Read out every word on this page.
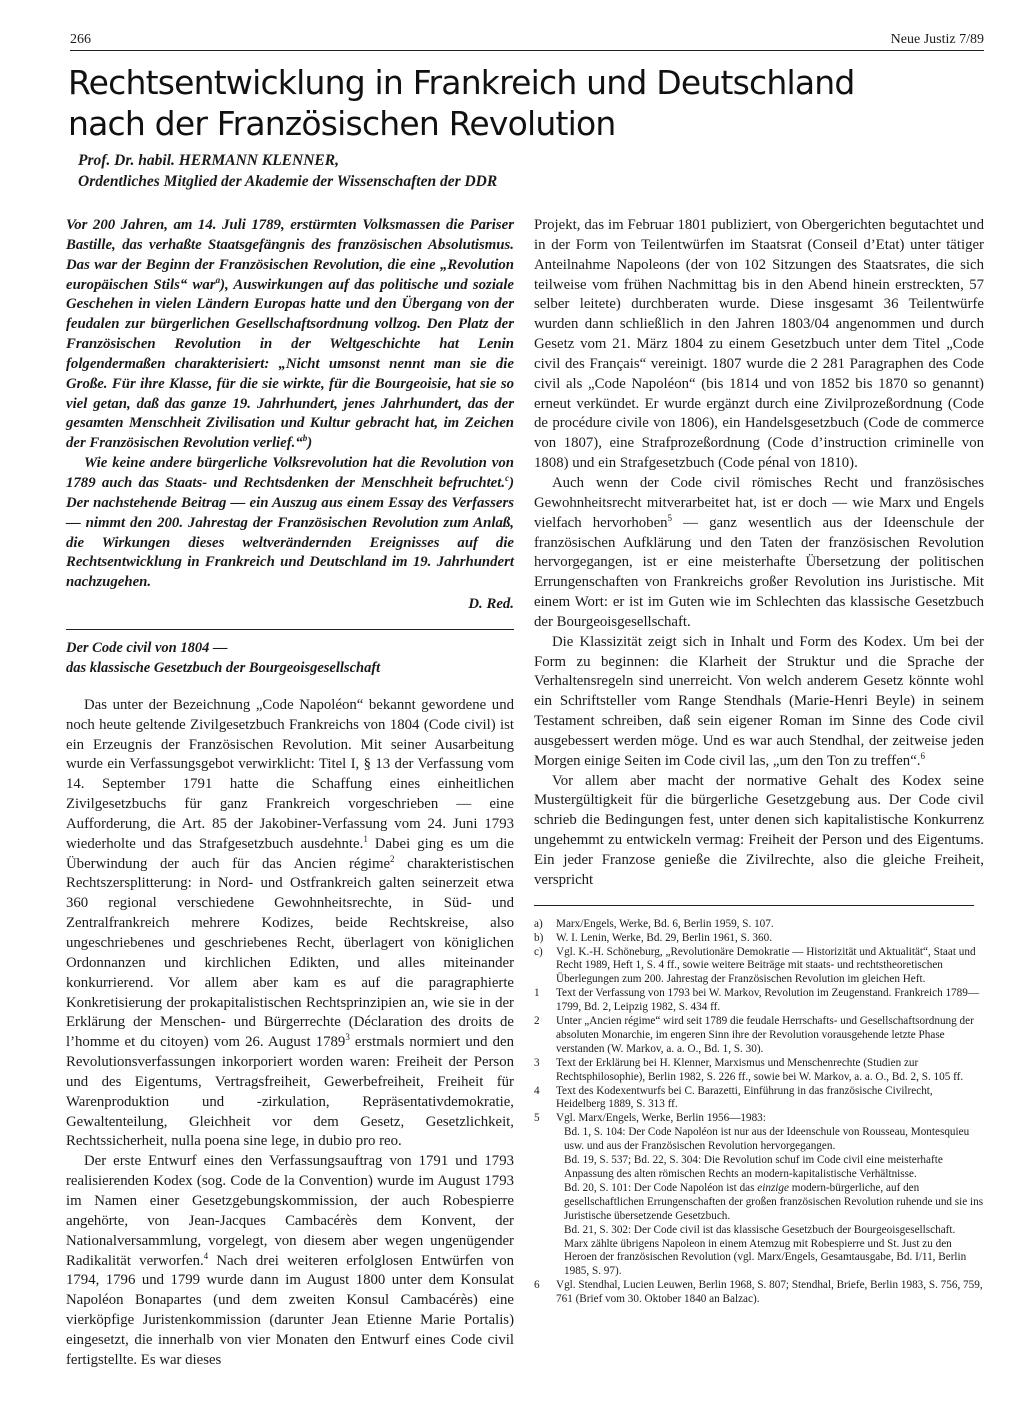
266	Neue Justiz 7/89
Rechtsentwicklung in Frankreich und Deutschland
nach der Französischen Revolution
Prof. Dr. habil. HERMANN KLENNER,
Ordentliches Mitglied der Akademie der Wissenschaften der DDR

Vor 200 Jahren, am 14. Juli 1789, erstürmten Volksmassen die Pariser Bastille, das verhaßte Staatsgefängnis des französischen Absolutismus. Das war der Beginn der Französischen Revolution, die eine „Revolution europäischen Stils“ war$^a$), Auswirkungen auf das politische und soziale Geschehen in vielen Ländern Europas hatte und den Übergang von der feudalen zur bürgerlichen Gesellschaftsordnung vollzog. Den Platz der Französischen Revolution in der Weltgeschichte hat Lenin folgendermaßen charakterisiert: „Nicht umsonst nennt man sie die Große. Für ihre Klasse, für die sie wirkte, für die Bourgeoisie, hat sie so viel getan, daß das ganze 19. Jahrhundert, jenes Jahrhundert, das der gesamten Menschheit Zivilisation und Kultur gebracht hat, im Zeichen der Französischen Revolution verlief.“$^b$)

Wie keine andere bürgerliche Volksrevolution hat die Revolution von 1789 auch das Staats- und Rechtsdenken der Menschheit befruchtet.$^c$) Der nachstehende Beitrag — ein Auszug aus einem Essay des Verfassers — nimmt den 200. Jahrestag der Französischen Revolution zum Anlaß, die Wirkungen dieses weltverändernden Ereignisses auf die Rechtsentwicklung in Frankreich und Deutschland im 19. Jahrhundert nachzugehen.

D. Red.
Der Code civil von 1804 —
das klassische Gesetzbuch der Bourgeoisgesellschaft

Das unter der Bezeichnung „Code Napoléon“ bekannt gewordene und noch heute geltende Zivilgesetzbuch Frankreichs von 1804 (Code civil) ist ein Erzeugnis der Französischen Revolution. Mit seiner Ausarbeitung wurde ein Verfassungsgebot verwirklicht: Titel I, § 13 der Verfassung vom 14. September 1791 hatte die Schaffung eines einheitlichen Zivilgesetzbuchs für ganz Frankreich vorgeschrieben — eine Aufforderung, die Art. 85 der Jakobiner-Verfassung vom 24. Juni 1793 wiederholte und das Strafgesetzbuch ausdehnte.$^1$ Dabei ging es um die Überwindung der auch für das Ancien régime$^2$ charakteristischen Rechtszersplitterung: in Nord- und Ostfrankreich galten seinerzeit etwa 360 regional verschiedene Gewohnheitsrechte, in Süd- und Zentralfrankreich mehrere Kodizes, beide Rechtskreise, also ungeschriebenes und geschriebenes Recht, überlagert von königlichen Ordonnanzen und kirchlichen Edikten, und alles miteinander konkurrierend. Vor allem aber kam es auf die paragraphierte Konkretisierung der prokapitalistischen Rechtsprinzipien an, wie sie in der Erklärung der Menschen- und Bürgerrechte (Déclaration des droits de l’homme et du citoyen) vom 26. August 1789$^3$ erstmals normiert und den Revolutionsverfassungen inkorporiert worden waren: Freiheit der Person und des Eigentums, Vertragsfreiheit, Gewerbefreiheit, Freiheit für Warenproduktion und -zirkulation, Repräsentativdemokratie, Gewaltenteilung, Gleichheit vor dem Gesetz, Gesetzlichkeit, Rechtssicherheit, nulla poena sine lege, in dubio pro reo.

Der erste Entwurf eines den Verfassungsauftrag von 1791 und 1793 realisierenden Kodex (sog. Code de la Convention) wurde im August 1793 im Namen einer Gesetzgebungskommission, der auch Robespierre angehörte, von Jean-Jacques Cambacérès dem Konvent, der Nationalversammlung, vorgelegt, von diesem aber wegen ungenügender Radikalität verworfen.$^4$ Nach drei weiteren erfolglosen Entwürfen von 1794, 1796 und 1799 wurde dann im August 1800 unter dem Konsulat Napoléon Bonapartes (und dem zweiten Konsul Cambacérès) eine vierköpfige Juristenkommission (darunter Jean Etienne Marie Portalis) eingesetzt, die innerhalb von vier Monaten den Entwurf eines Code civil fertigstellte. Es war dieses

Projekt, das im Februar 1801 publiziert, von Obergerichten begutachtet und in der Form von Teilentwürfen im Staatsrat (Conseil d’Etat) unter tätiger Anteilnahme Napoleons (der von 102 Sitzungen des Staatsrates, die sich teilweise vom frühen Nachmittag bis in den Abend hinein erstreckten, 57 selber leitete) durchberaten wurde. Diese insgesamt 36 Teilentwürfe wurden dann schließlich in den Jahren 1803/04 angenommen und durch Gesetz vom 21. März 1804 zu einem Gesetzbuch unter dem Titel „Code civil des Français“ vereinigt. 1807 wurde die 2 281 Paragraphen des Code civil als „Code Napoléon“ (bis 1814 und von 1852 bis 1870 so genannt) erneut verkündet. Er wurde ergänzt durch eine Zivilprozeßordnung (Code de procédure civile von 1806), ein Handelsgesetzbuch (Code de commerce von 1807), eine Strafprozeßordnung (Code d’instruction criminelle von 1808) und ein Strafgesetzbuch (Code pénal von 1810).

Auch wenn der Code civil römisches Recht und französisches Gewohnheitsrecht mitverarbeitet hat, ist er doch — wie Marx und Engels vielfach hervorhoben$^5$ — ganz wesentlich aus der Ideenschule der französischen Aufklärung und den Taten der französischen Revolution hervorgegangen, ist er eine meisterhafte Übersetzung der politischen Errungenschaften von Frankreichs großer Revolution ins Juristische. Mit einem Wort: er ist im Guten wie im Schlechten das klassische Gesetzbuch der Bourgeoisgesellschaft.

Die Klassizität zeigt sich in Inhalt und Form des Kodex. Um bei der Form zu beginnen: die Klarheit der Struktur und die Sprache der Verhaltensregeln sind unerreicht. Von welch anderem Gesetz könnte wohl ein Schriftsteller vom Range Stendhals (Marie-Henri Beyle) in seinem Testament schreiben, daß sein eigener Roman im Sinne des Code civil ausgebessert werden möge. Und es war auch Stendhal, der zeitweise jeden Morgen einige Seiten im Code civil las, „um den Ton zu treffen“.$^6$

Vor allem aber macht der normative Gehalt des Kodex seine Mustergültigkeit für die bürgerliche Gesetzgebung aus. Der Code civil schrieb die Bedingungen fest, unter denen sich kapitalistische Konkurrenz ungehemmt zu entwickeln vermag: Freiheit der Person und des Eigentums. Ein jeder Franzose genieße die Zivilrechte, also die gleiche Freiheit, verspricht

a)	Marx/Engels, Werke, Bd. 6, Berlin 1959, S. 107.
b)	W. I. Lenin, Werke, Bd. 29, Berlin 1961, S. 360.
c)	Vgl. K.-H. Schöneburg, „Revolutionäre Demokratie — Historizität und Aktualität“, Staat und Recht 1989, Heft 1, S. 4 ff., sowie weitere Beiträge mit staats- und rechtstheoretischen Überlegungen zum 200. Jahrestag der Französischen Revolution im gleichen Heft.
1	Text der Verfassung von 1793 bei W. Markov, Revolution im Zeugenstand. Frankreich 1789—1799, Bd. 2, Leipzig 1982, S. 434 ff.
2	Unter „Ancien régime“ wird seit 1789 die feudale Herrschafts- und Gesellschaftsordnung der absoluten Monarchie, im engeren Sinn ihre der Revolution vorausgehende letzte Phase verstanden (W. Markov, a. a. O., Bd. 1, S. 30).
3	Text der Erklärung bei H. Klenner, Marxismus und Menschenrechte (Studien zur Rechtsphilosophie), Berlin 1982, S. 226 ff., sowie bei W. Markov, a. a. O., Bd. 2, S. 105 ff.
4	Text des Kodexentwurfs bei C. Barazetti, Einführung in das französische Civilrecht, Heidelberg 1889, S. 313 ff.
5	Vgl. Marx/Engels, Werke, Berlin 1956—1983:
Bd. 1, S. 104: Der Code Napoléon ist nur aus der Ideenschule von Rousseau, Montesquieu usw. und aus der Französischen Revolution hervorgegangen.
Bd. 19, S. 537; Bd. 22, S. 304: Die Revolution schuf im Code civil eine meisterhafte Anpassung des alten römischen Rechts an modern-kapitalistische Verhältnisse.
Bd. 20, S. 101: Der Code Napoléon ist das einzige modern-bürgerliche, auf den gesellschaftlichen Errungenschaften der großen französischen Revolution ruhende und sie ins Juristische übersetzende Gesetzbuch.
Bd. 21, S. 302: Der Code civil ist das klassische Gesetzbuch der Bourgeoisgesellschaft.
Marx zählte übrigens Napoleon in einem Atemzug mit Robespierre und St. Just zu den Heroen der französischen Revolution (vgl. Marx/Engels, Gesamtausgabe, Bd. I/11, Berlin 1985, S. 97).
6	Vgl. Stendhal, Lucien Leuwen, Berlin 1968, S. 807; Stendhal, Briefe, Berlin 1983, S. 756, 759, 761 (Brief vom 30. Oktober 1840 an Balzac).
